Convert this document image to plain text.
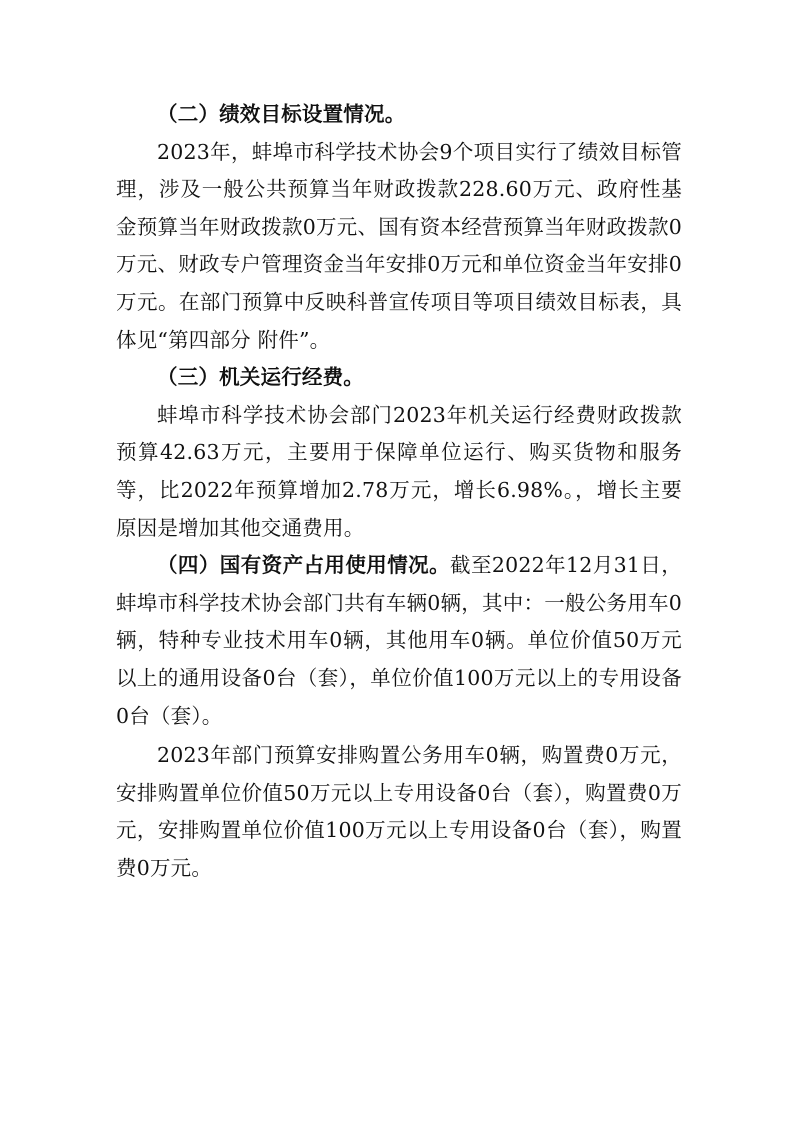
（二）绩效目标设置情况。

2023年，蚌埠市科学技术协会9个项目实行了绩效目标管理，涉及一般公共预算当年财政拨款228.60万元、政府性基金预算当年财政拨款0万元、国有资本经营预算当年财政拨款0万元、财政专户管理资金当年安排0万元和单位资金当年安排0万元。在部门预算中反映科普宣传项目等项目绩效目标表，具体见“第四部分 附件”。

（三）机关运行经费。

蚌埠市科学技术协会部门2023年机关运行经费财政拨款预算42.63万元，主要用于保障单位运行、购买货物和服务等，比2022年预算增加2.78万元，增长6.98%。，增长主要原因是增加其他交通费用。

（四）国有资产占用使用情况。截至2022年12月31日，蚌埠市科学技术协会部门共有车辆0辆，其中：一般公务用车0辆，特种专业技术用车0辆，其他用车0辆。单位价值50万元以上的通用设备0台（套），单位价值100万元以上的专用设备0台（套）。

2023年部门预算安排购置公务用车0辆，购置费0万元，安排购置单位价值50万元以上专用设备0台（套），购置费0万元，安排购置单位价值100万元以上专用设备0台（套），购置费0万元。
